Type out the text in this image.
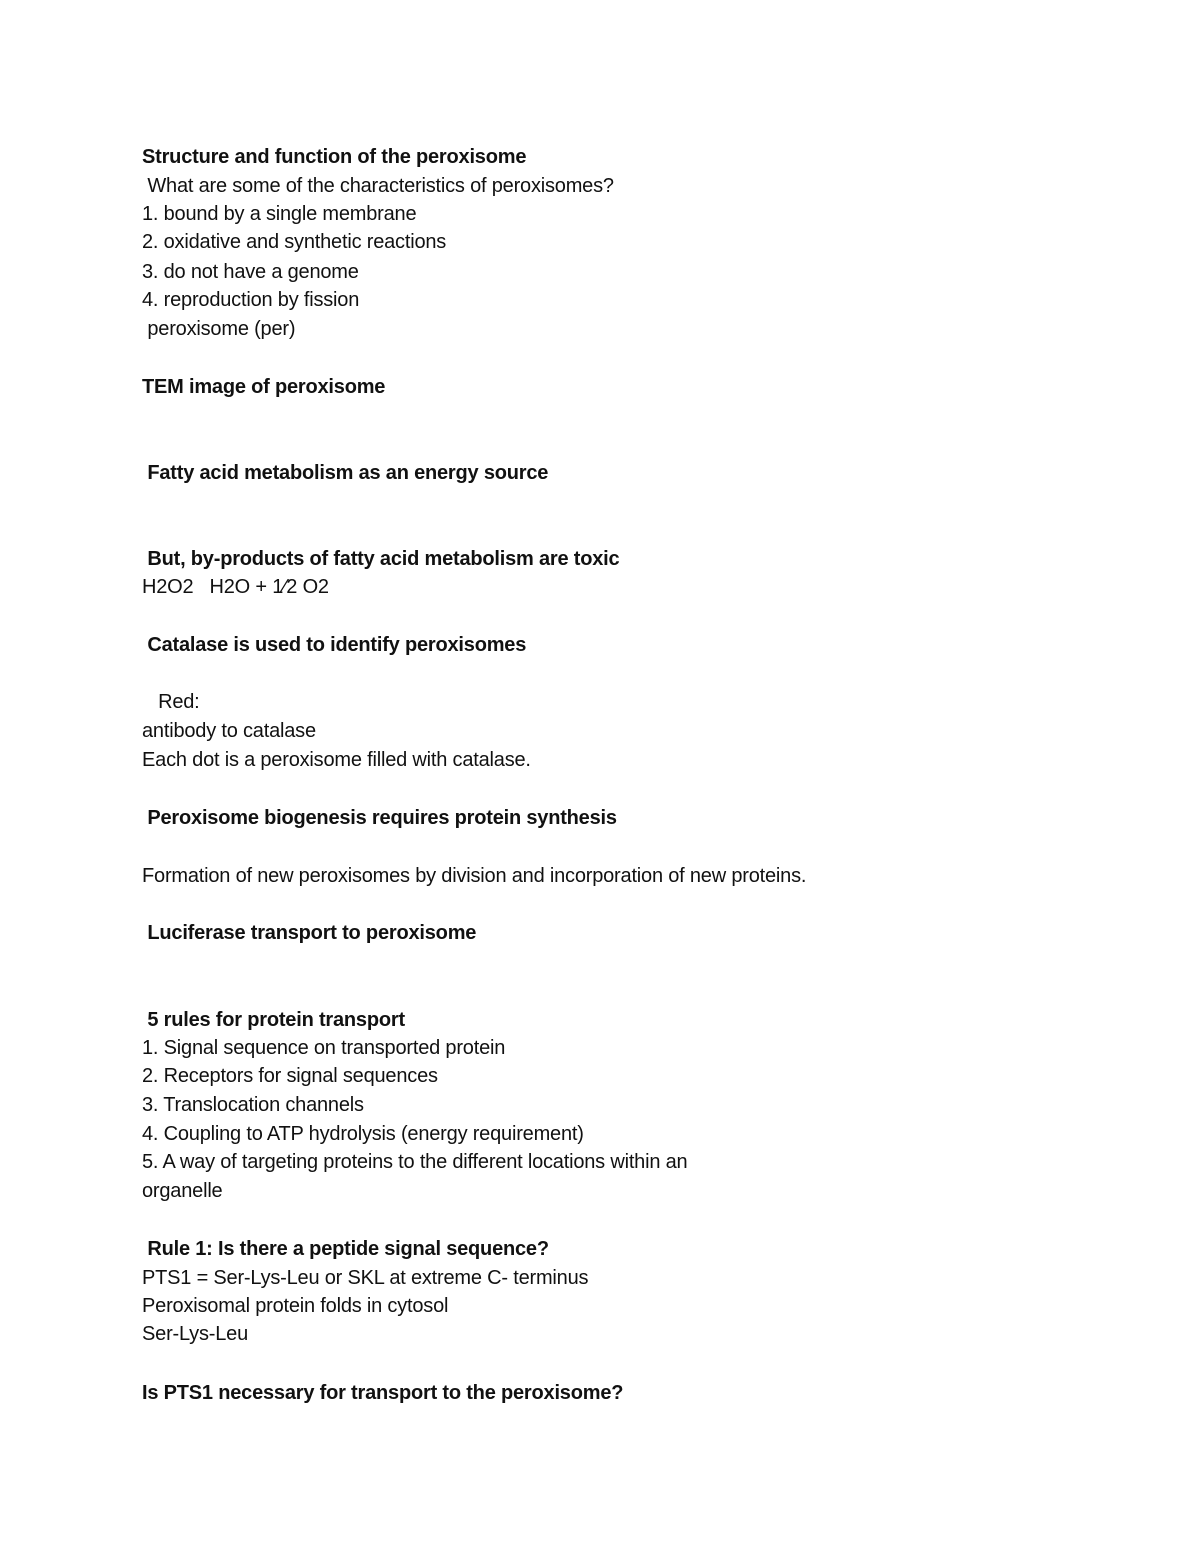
Structure and function of the peroxisome
What are some of the characteristics of peroxisomes?
1. bound by a single membrane
2. oxidative and synthetic reactions
3. do not have a genome
4. reproduction by fission
peroxisome (per)
TEM image of peroxisome
Fatty acid metabolism as an energy source
But, by-products of fatty acid metabolism are toxic
H2O2   H2O + 1⁄2 O2
Catalase is used to identify peroxisomes
Red:
antibody to catalase
Each dot is a peroxisome filled with catalase.
Peroxisome biogenesis requires protein synthesis
Formation of new peroxisomes by division and incorporation of new proteins.
Luciferase transport to peroxisome
5 rules for protein transport
1. Signal sequence on transported protein
2. Receptors for signal sequences
3. Translocation channels
4. Coupling to ATP hydrolysis (energy requirement)
5. A way of targeting proteins to the different locations within an
organelle
Rule 1: Is there a peptide signal sequence?
PTS1 = Ser-Lys-Leu or SKL at extreme C- terminus
Peroxisomal protein folds in cytosol
Ser-Lys-Leu
Is PTS1 necessary for transport to the peroxisome?
